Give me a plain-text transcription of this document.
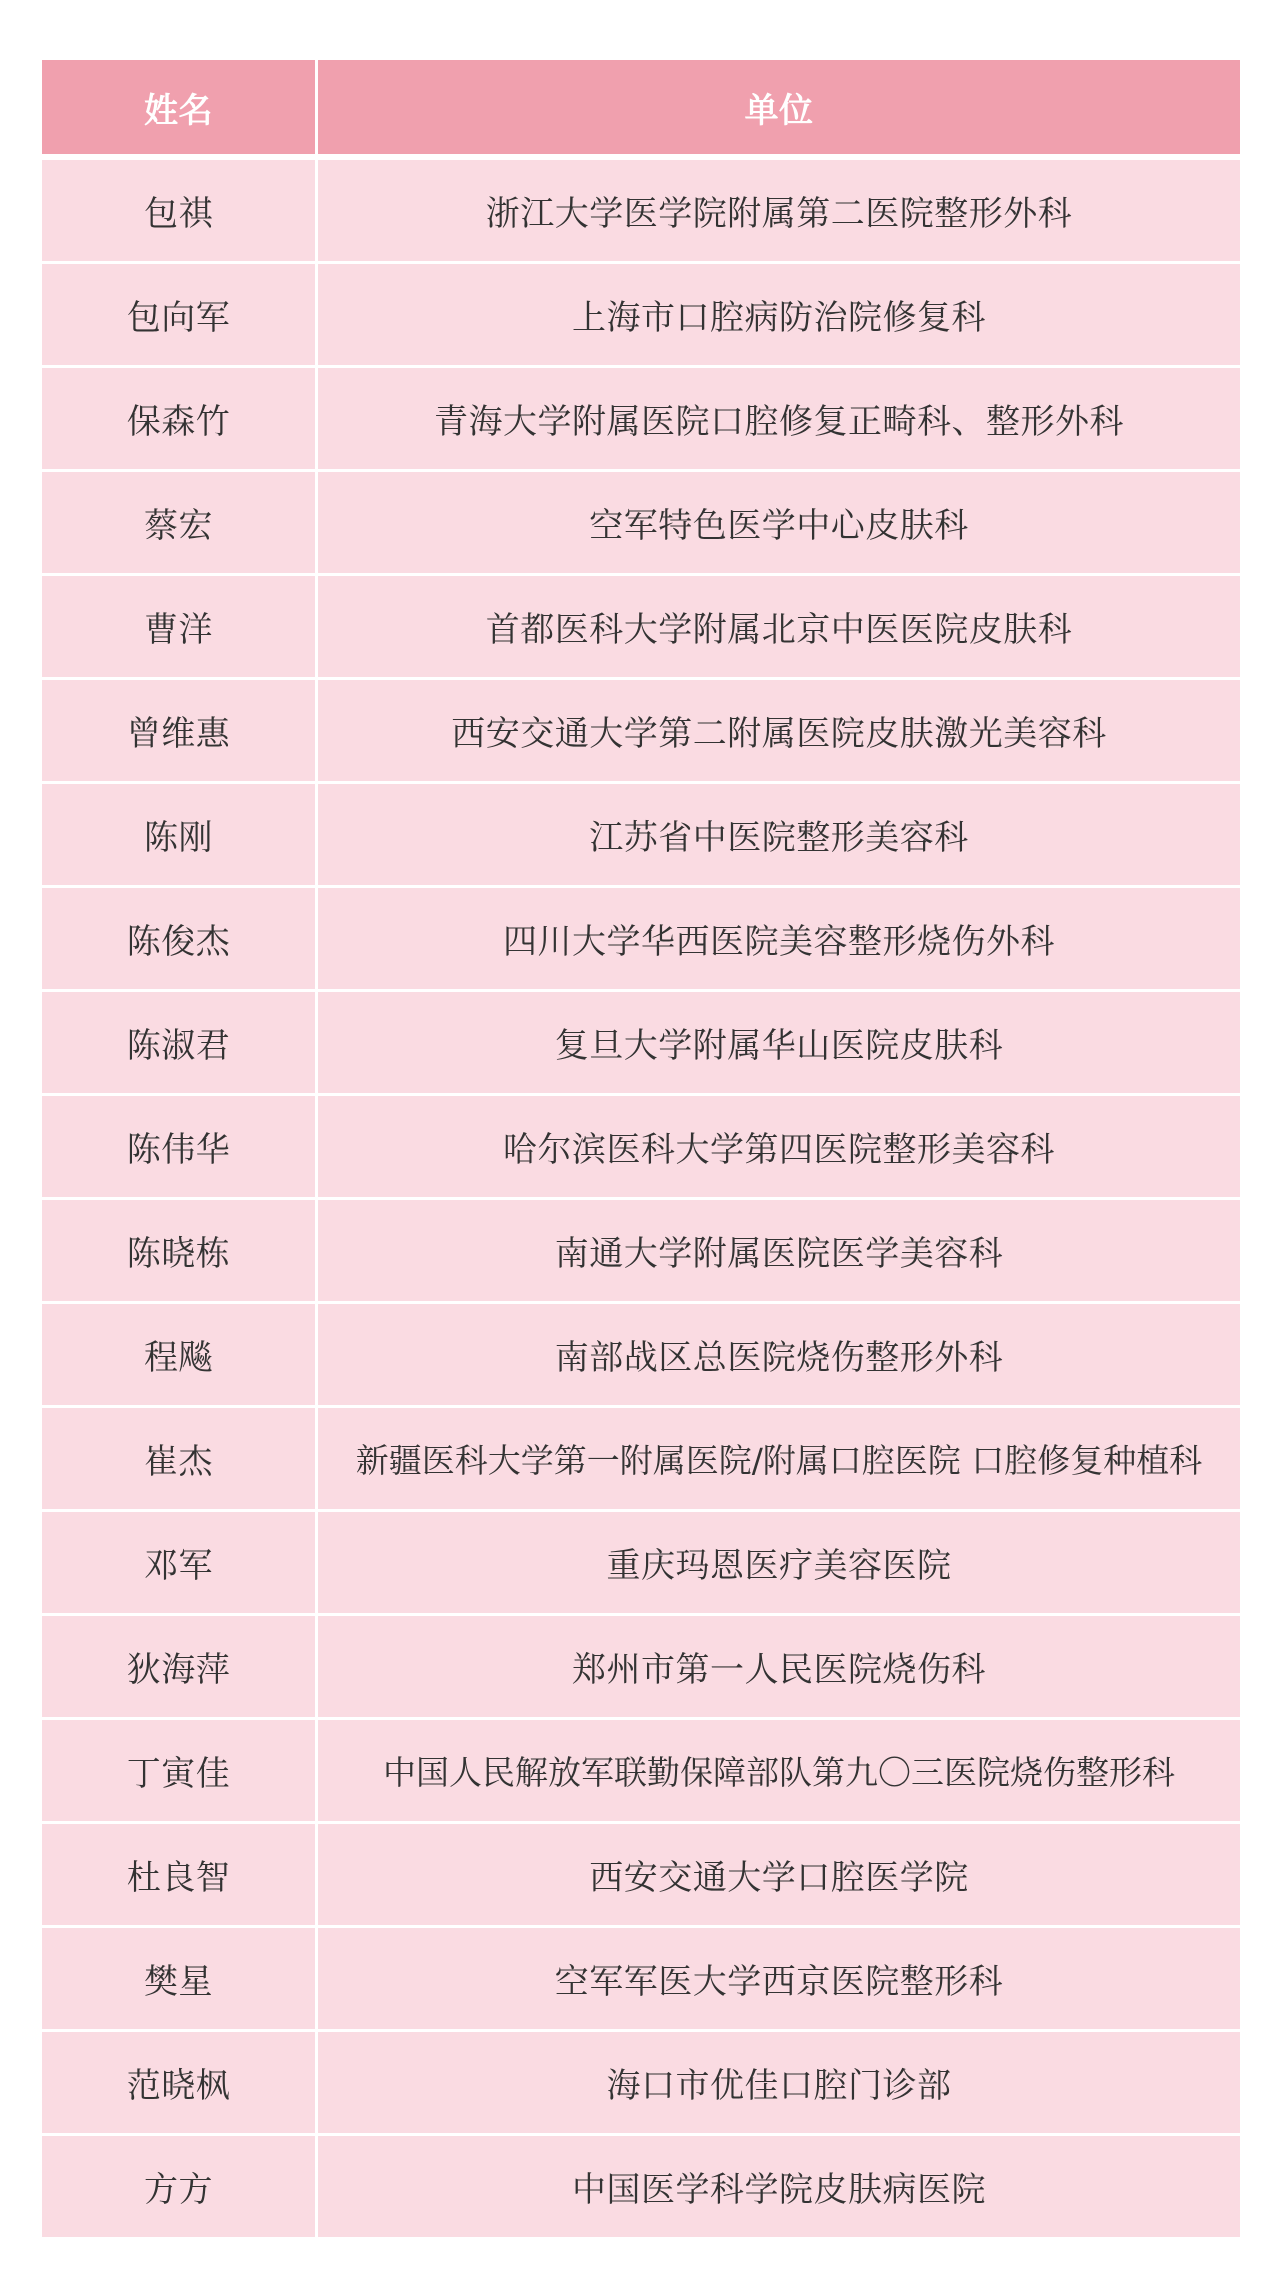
姓名	单位
包祺	浙江大学医学院附属第二医院整形外科
包向军	上海市口腔病防治院修复科
保森竹	青海大学附属医院口腔修复正畸科、整形外科
蔡宏	空军特色医学中心皮肤科
曹洋	首都医科大学附属北京中医医院皮肤科
曾维惠	西安交通大学第二附属医院皮肤激光美容科
陈刚	江苏省中医院整形美容科
陈俊杰	四川大学华西医院美容整形烧伤外科
陈淑君	复旦大学附属华山医院皮肤科
陈伟华	哈尔滨医科大学第四医院整形美容科
陈晓栋	南通大学附属医院医学美容科
程飚	南部战区总医院烧伤整形外科
崔杰	新疆医科大学第一附属医院/附属口腔医院 口腔修复种植科
邓军	重庆玛恩医疗美容医院
狄海萍	郑州市第一人民医院烧伤科
丁寅佳	中国人民解放军联勤保障部队第九〇三医院烧伤整形科
杜良智	西安交通大学口腔医学院
樊星	空军军医大学西京医院整形科
范晓枫	海口市优佳口腔门诊部
方方	中国医学科学院皮肤病医院
